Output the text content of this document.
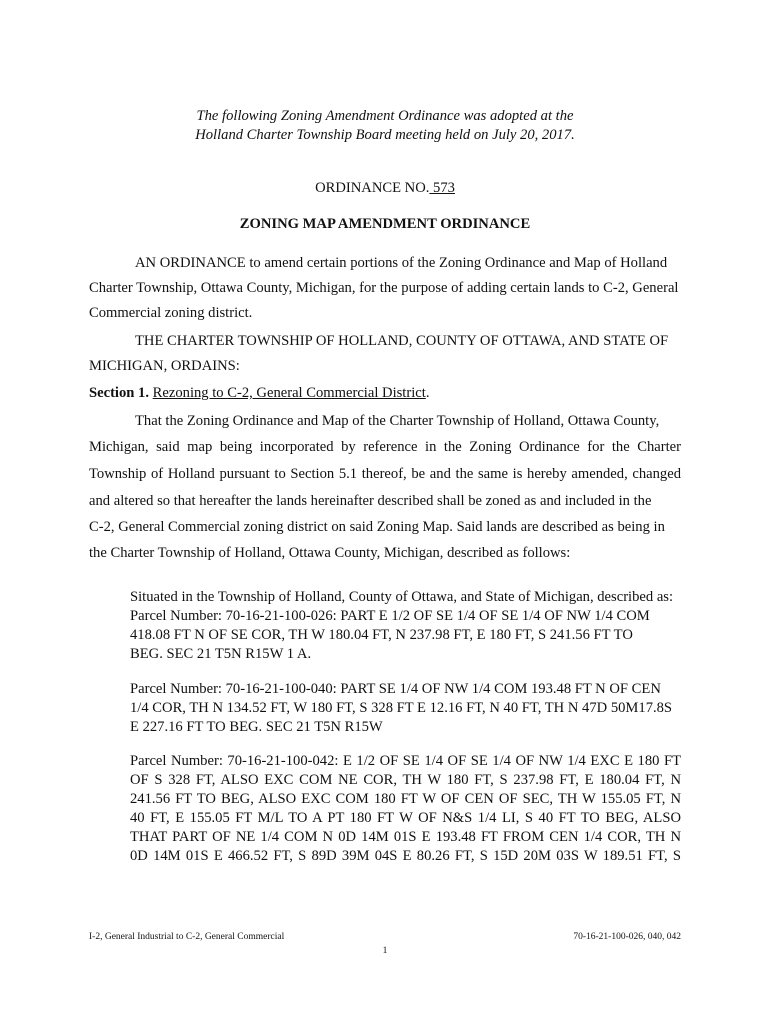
The following Zoning Amendment Ordinance was adopted at the
Holland Charter Township Board meeting held on July 20, 2017.
ORDINANCE NO. 573
ZONING MAP AMENDMENT ORDINANCE
AN ORDINANCE to amend certain portions of the Zoning Ordinance and Map of Holland
Charter Township, Ottawa County, Michigan, for the purpose of adding certain lands to C-2, General
Commercial zoning district.
THE CHARTER TOWNSHIP OF HOLLAND, COUNTY OF OTTAWA, AND STATE OF
MICHIGAN, ORDAINS:
Section 1. Rezoning to C-2, General Commercial District.
That the Zoning Ordinance and Map of the Charter Township of Holland, Ottawa County,
Michigan, said map being incorporated by reference in the Zoning Ordinance for the Charter
Township of Holland pursuant to Section 5.1 thereof, be and the same is hereby amended, changed
and altered so that hereafter the lands hereinafter described shall be zoned as and included in the
C-2, General Commercial zoning district on said Zoning Map. Said lands are described as being in
the Charter Township of Holland, Ottawa County, Michigan, described as follows:
Situated in the Township of Holland, County of Ottawa, and State of Michigan, described as:
Parcel Number: 70-16-21-100-026: PART E 1/2 OF SE 1/4 OF SE 1/4 OF NW 1/4 COM
418.08 FT N OF SE COR, TH W 180.04 FT, N 237.98 FT, E 180 FT, S 241.56 FT TO
BEG. SEC 21 T5N R15W 1 A.
Parcel Number: 70-16-21-100-040: PART SE 1/4 OF NW 1/4 COM 193.48 FT N OF CEN
1/4 COR, TH N 134.52 FT, W 180 FT, S 328 FT E 12.16 FT, N 40 FT, TH N 47D 50M17.8S
E 227.16 FT TO BEG. SEC 21 T5N R15W
Parcel Number: 70-16-21-100-042: E 1/2 OF SE 1/4 OF SE 1/4 OF NW 1/4 EXC E 180 FT
OF S 328 FT, ALSO EXC COM NE COR, TH W 180 FT, S 237.98 FT, E 180.04 FT, N
241.56 FT TO BEG, ALSO EXC COM 180 FT W OF CEN OF SEC, TH W 155.05 FT, N
40 FT, E 155.05 FT M/L TO A PT 180 FT W OF N&S 1/4 LI, S 40 FT TO BEG, ALSO
THAT PART OF NE 1/4 COM N 0D 14M 01S E 193.48 FT FROM CEN 1/4 COR, TH N
0D 14M 01S E 466.52 FT, S 89D 39M 04S E 80.26 FT, S 15D 20M 03S W 189.51 FT, S
I-2, General Industrial to C-2, General Commercial	70-16-21-100-026, 040, 042
1
